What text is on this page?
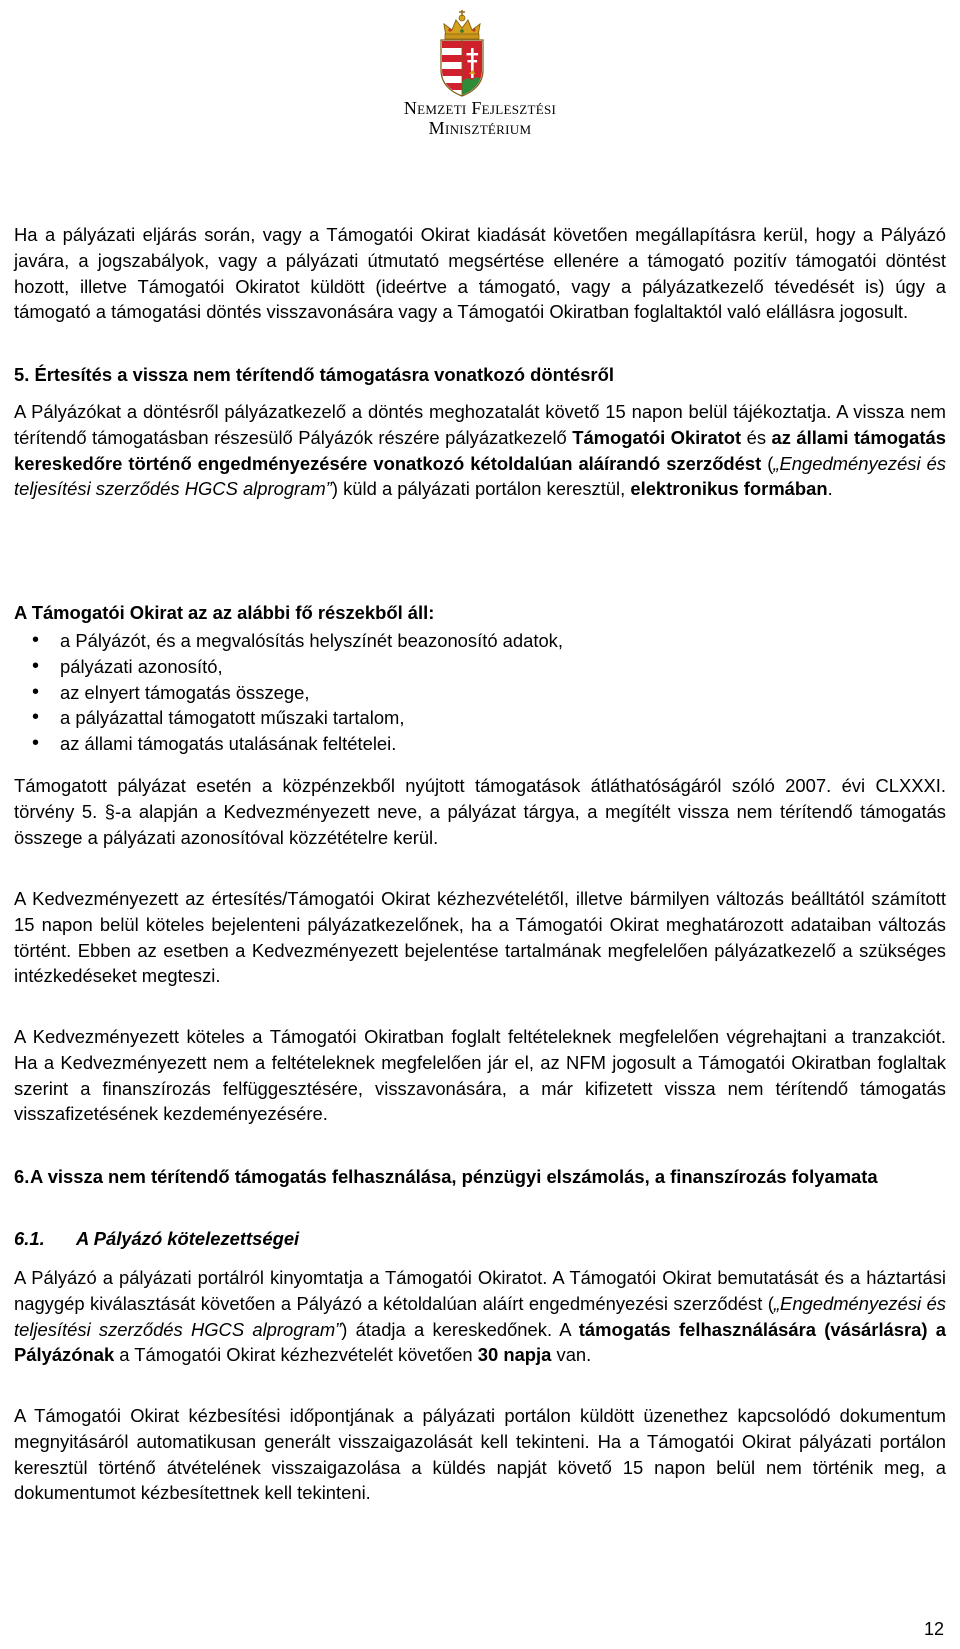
Nemzeti Fejlesztési
Minisztérium

Ha a pályázati eljárás során, vagy a Támogatói Okirat kiadását követően megállapításra kerül, hogy a Pályázó javára, a jogszabályok, vagy a pályázati útmutató megsértése ellenére a támogató pozitív támogatói döntést hozott, illetve Támogatói Okiratot küldött (ideértve a támogató, vagy a pályázatkezelő tévedését is) úgy a támogató a támogatási döntés visszavonására vagy a Támogatói Okiratban foglaltaktól való elállásra jogosult.

5. Értesítés a vissza nem térítendő támogatásra vonatkozó döntésről

A Pályázókat a döntésről pályázatkezelő a döntés meghozatalát követő 15 napon belül tájékoztatja. A vissza nem térítendő támogatásban részesülő Pályázók részére pályázatkezelő Támogatói Okiratot és az állami támogatás kereskedőre történő engedményezésére vonatkozó kétoldalúan aláírandó szerződést („Engedményezési és teljesítési szerződés HGCS alprogram”) küld a pályázati portálon keresztül, elektronikus formában.

A Támogatói Okirat az az alábbi fő részekből áll:

• a Pályázót, és a megvalósítás helyszínét beazonosító adatok,
• pályázati azonosító,
• az elnyert támogatás összege,
• a pályázattal támogatott műszaki tartalom,
• az állami támogatás utalásának feltételei.

Támogatott pályázat esetén a közpénzekből nyújtott támogatások átláthatóságáról szóló 2007. évi CLXXXI. törvény 5. §-a alapján a Kedvezményezett neve, a pályázat tárgya, a megítélt vissza nem térítendő támogatás összege a pályázati azonosítóval közzétételre kerül.

A Kedvezményezett az értesítés/Támogatói Okirat kézhezvételétől, illetve bármilyen változás beálltától számított 15 napon belül köteles bejelenteni pályázatkezelőnek, ha a Támogatói Okirat meghatározott adataiban változás történt. Ebben az esetben a Kedvezményezett bejelentése tartalmának megfelelően pályázatkezelő a szükséges intézkedéseket megteszi.

A Kedvezményezett köteles a Támogatói Okiratban foglalt feltételeknek megfelelően végrehajtani a tranzakciót. Ha a Kedvezményezett nem a feltételeknek megfelelően jár el, az NFM jogosult a Támogatói Okiratban foglaltak szerint a finanszírozás felfüggesztésére, visszavonására, a már kifizetett vissza nem térítendő támogatás visszafizetésének kezdeményezésére.

6. A vissza nem térítendő támogatás felhasználása, pénzügyi elszámolás, a finanszírozás folyamata

6.1. A Pályázó kötelezettségei

A Pályázó a pályázati portálról kinyomtatja a Támogatói Okiratot. A Támogatói Okirat bemutatását és a háztartási nagygép kiválasztását követően a Pályázó a kétoldalúan aláírt engedményezési szerződést („Engedményezési és teljesítési szerződés HGCS alprogram”) átadja a kereskedőnek. A támogatás felhasználására (vásárlásra) a Pályázónak a Támogatói Okirat kézhezvételét követően 30 napja van.

A Támogatói Okirat kézbesítési időpontjának a pályázati portálon küldött üzenethez kapcsolódó dokumentum megnyitásáról automatikusan generált visszaigazolását kell tekinteni. Ha a Támogatói Okirat pályázati portálon keresztül történő átvételének visszaigazolása a küldés napját követő 15 napon belül nem történik meg, a dokumentumot kézbesítettnek kell tekinteni.

12
